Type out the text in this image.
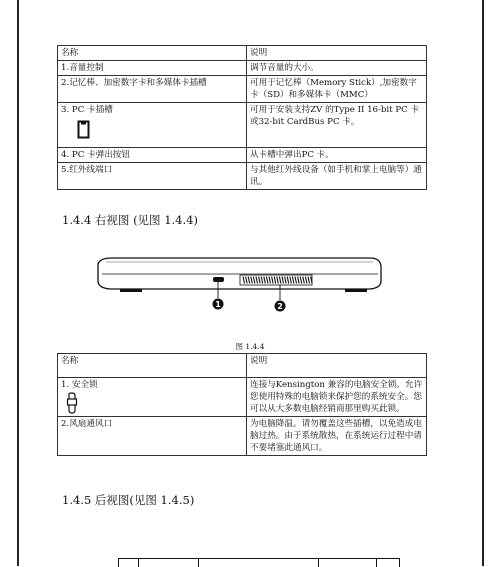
名称	说明
1.音量控制	调节音量的大小。
2.记忆棒、加密数字卡和多媒体卡插槽	可用于记忆棒（Memory Stick）,加密数字卡（SD）和多媒体卡（MMC）

3. PC 卡插槽	可用于安装支持ZV 的Type II 16-bit PC 卡或32-bit CardBus PC 卡。
4. PC 卡弹出按钮	从卡槽中弹出PC 卡。
5.红外线端口	与其他红外线设备（如手机和掌上电脑等）通讯。
1.4.4 右视图 (见图 1.4.4)
1	2
图 1.4.4
名称	说明

1. 安全锁	连接与Kensington 兼容的电脑安全锁。允许您使用特殊的电脑锁来保护您的系统安全。您可以从大多数电脑经销商那里购买此锁。
2.风扇通风口	为电脑降温。请勿覆盖这些插槽，以免造成电脑过热。由于系统散热，在系统运行过程中请不要堵塞此通风口。
1.4.5 后视图(见图 1.4.5)
